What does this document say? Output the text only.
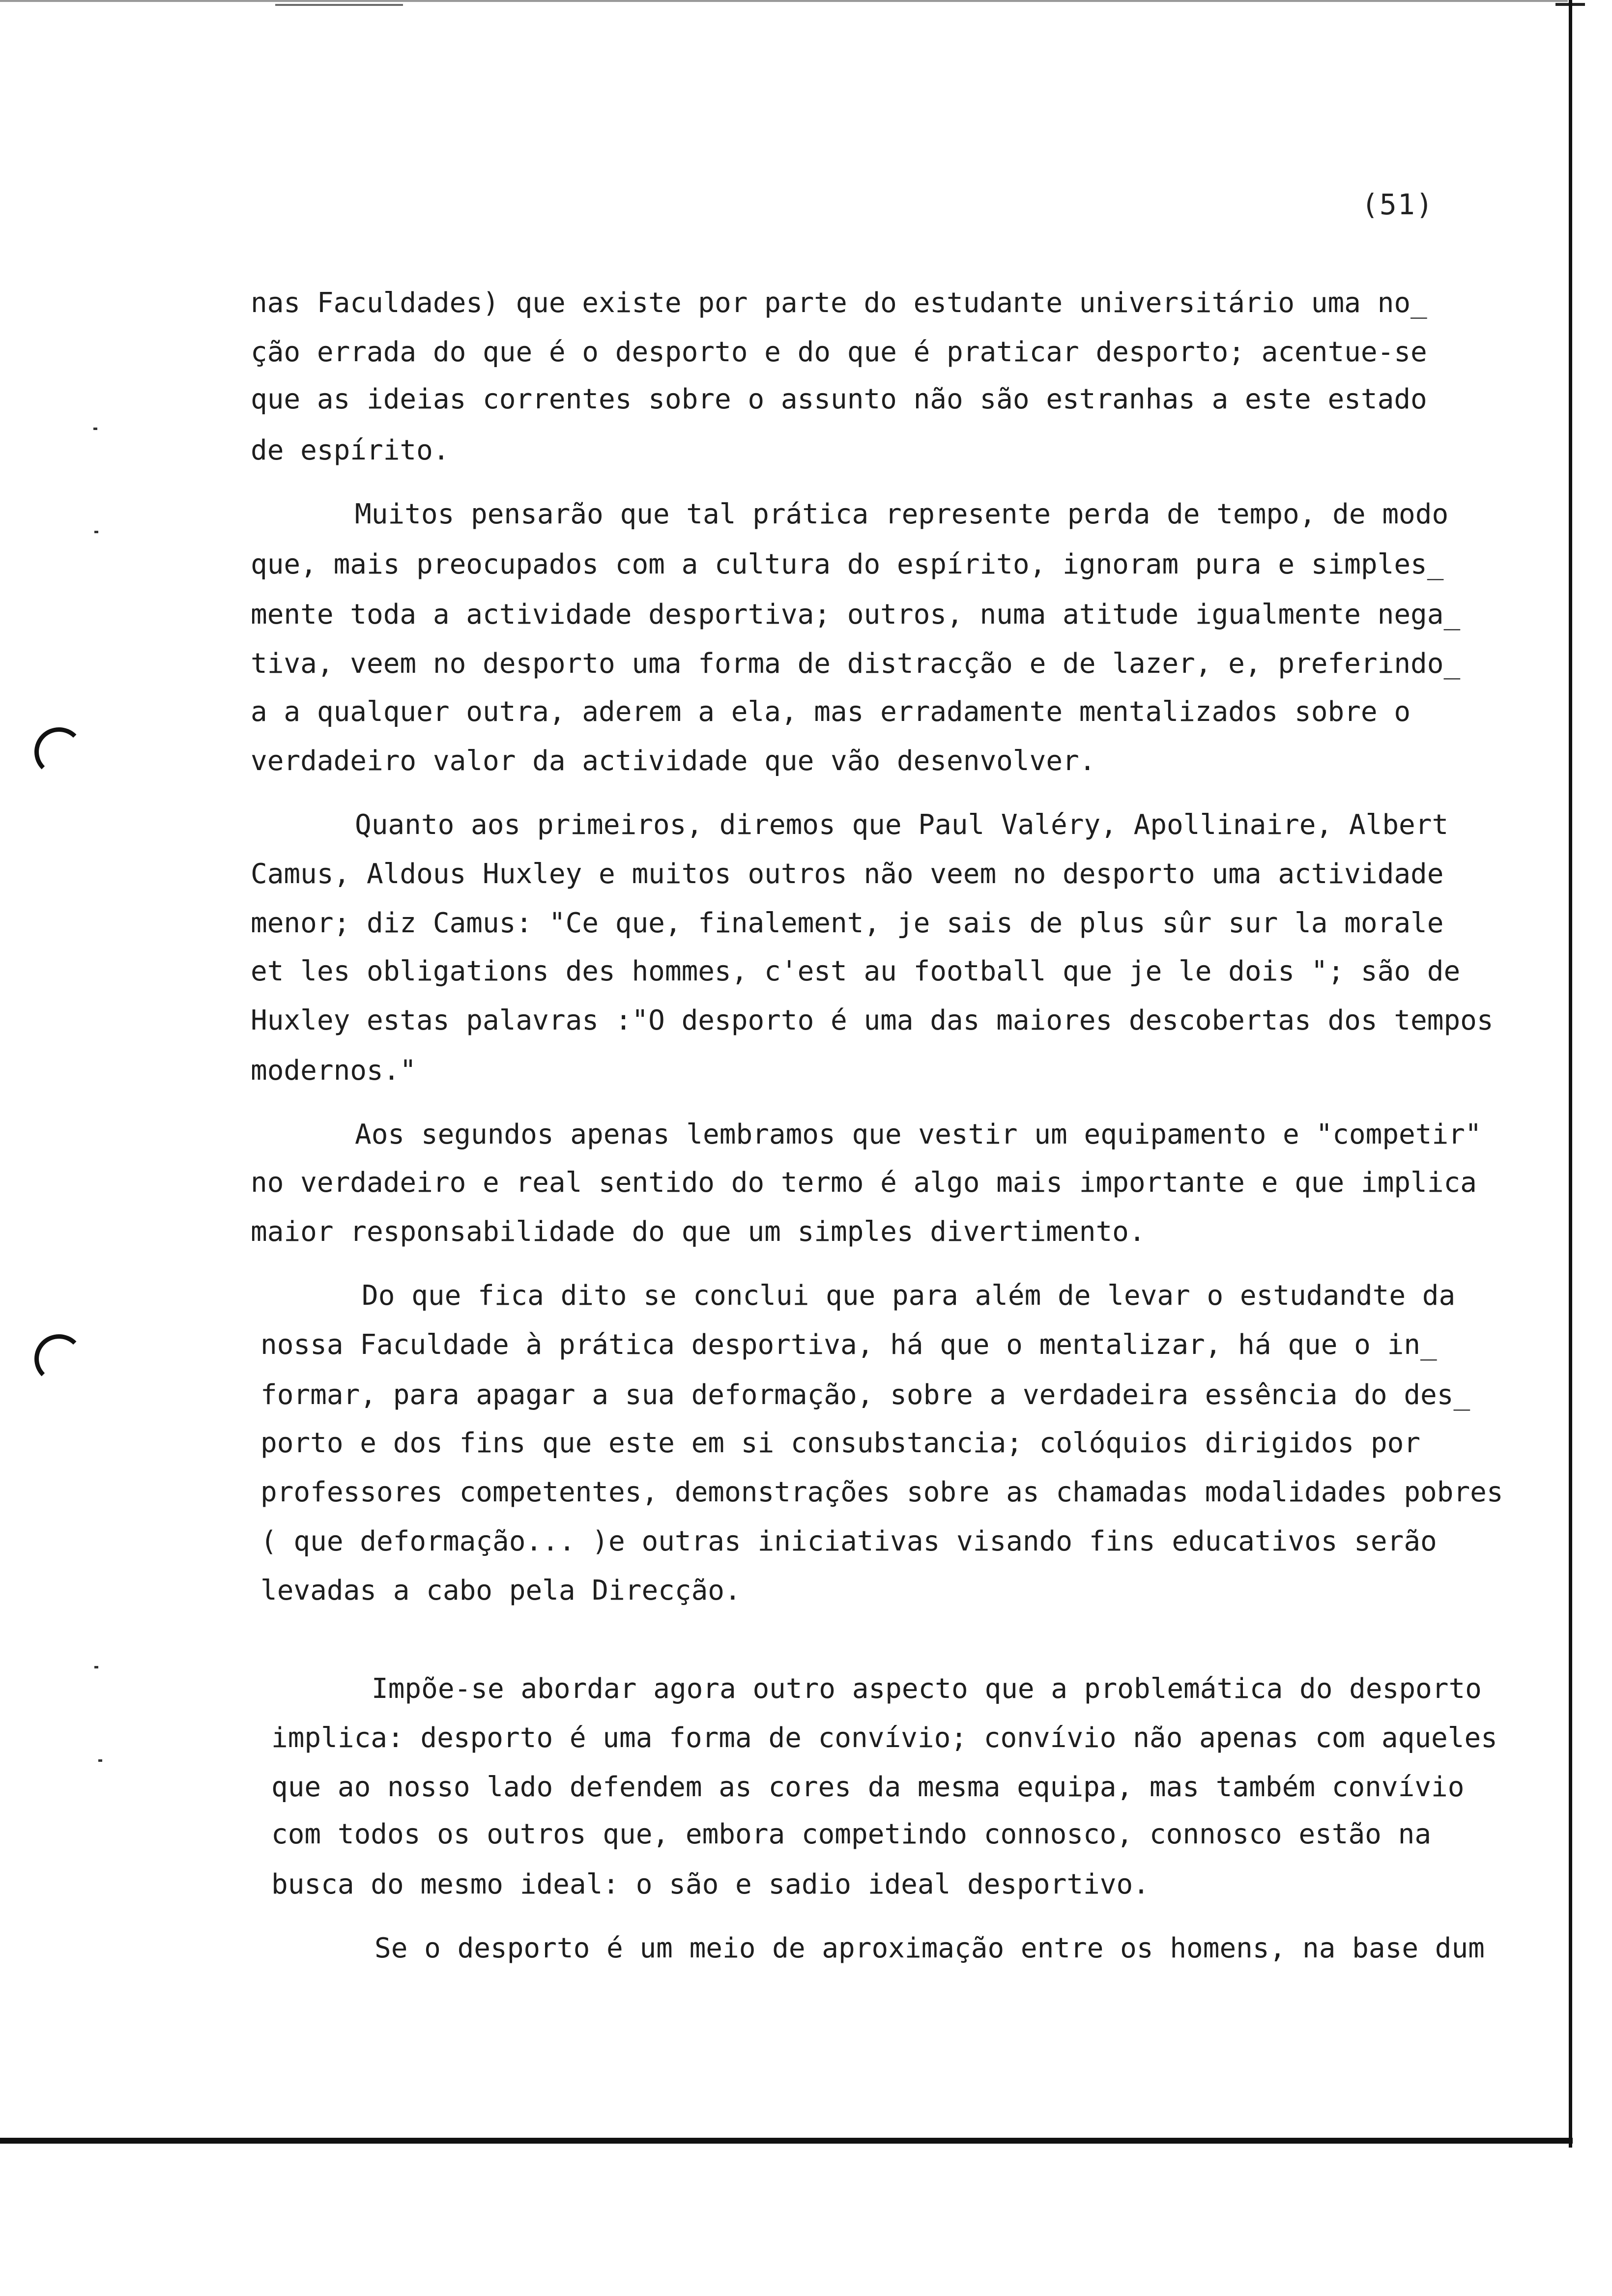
(51)
nas Faculdades) que existe por parte do estudante universitário uma no_
ção errada do que é o desporto e do que é praticar desporto; acentue-se
que as ideias correntes sobre o assunto não são estranhas a este estado
de espírito.
Muitos pensarão que tal prática represente perda de tempo, de modo
que, mais preocupados com a cultura do espírito, ignoram pura e simples_
mente toda a actividade desportiva; outros, numa atitude igualmente nega_
tiva, veem no desporto uma forma de distracção e de lazer, e, preferindo_
a a qualquer outra, aderem a ela, mas erradamente mentalizados sobre o
verdadeiro valor da actividade que vão desenvolver.
Quanto aos primeiros, diremos que Paul Valéry, Apollinaire, Albert
Camus, Aldous Huxley e muitos outros não veem no desporto uma actividade
menor; diz Camus: "Ce que, finalement, je sais de plus sûr sur la morale
et les obligations des hommes, c'est au football que je le dois "; são de
Huxley estas palavras :"O desporto é uma das maiores descobertas dos tempos
modernos."
Aos segundos apenas lembramos que vestir um equipamento e "competir"
no verdadeiro e real sentido do termo é algo mais importante e que implica
maior responsabilidade do que um simples divertimento.
Do que fica dito se conclui que para além de levar o estudandte da
nossa Faculdade à prática desportiva, há que o mentalizar, há que o in_
formar, para apagar a sua deformação, sobre a verdadeira essência do des_
porto e dos fins que este em si consubstancia; colóquios dirigidos por
professores competentes, demonstrações sobre as chamadas modalidades pobres
( que deformação... )e outras iniciativas visando fins educativos serão
levadas a cabo pela Direcção.
Impõe-se abordar agora outro aspecto que a problemática do desporto
implica: desporto é uma forma de convívio; convívio não apenas com aqueles
que ao nosso lado defendem as cores da mesma equipa, mas também convívio
com todos os outros que, embora competindo connosco, connosco estão na
busca do mesmo ideal: o são e sadio ideal desportivo.
Se o desporto é um meio de aproximação entre os homens, na base dum
